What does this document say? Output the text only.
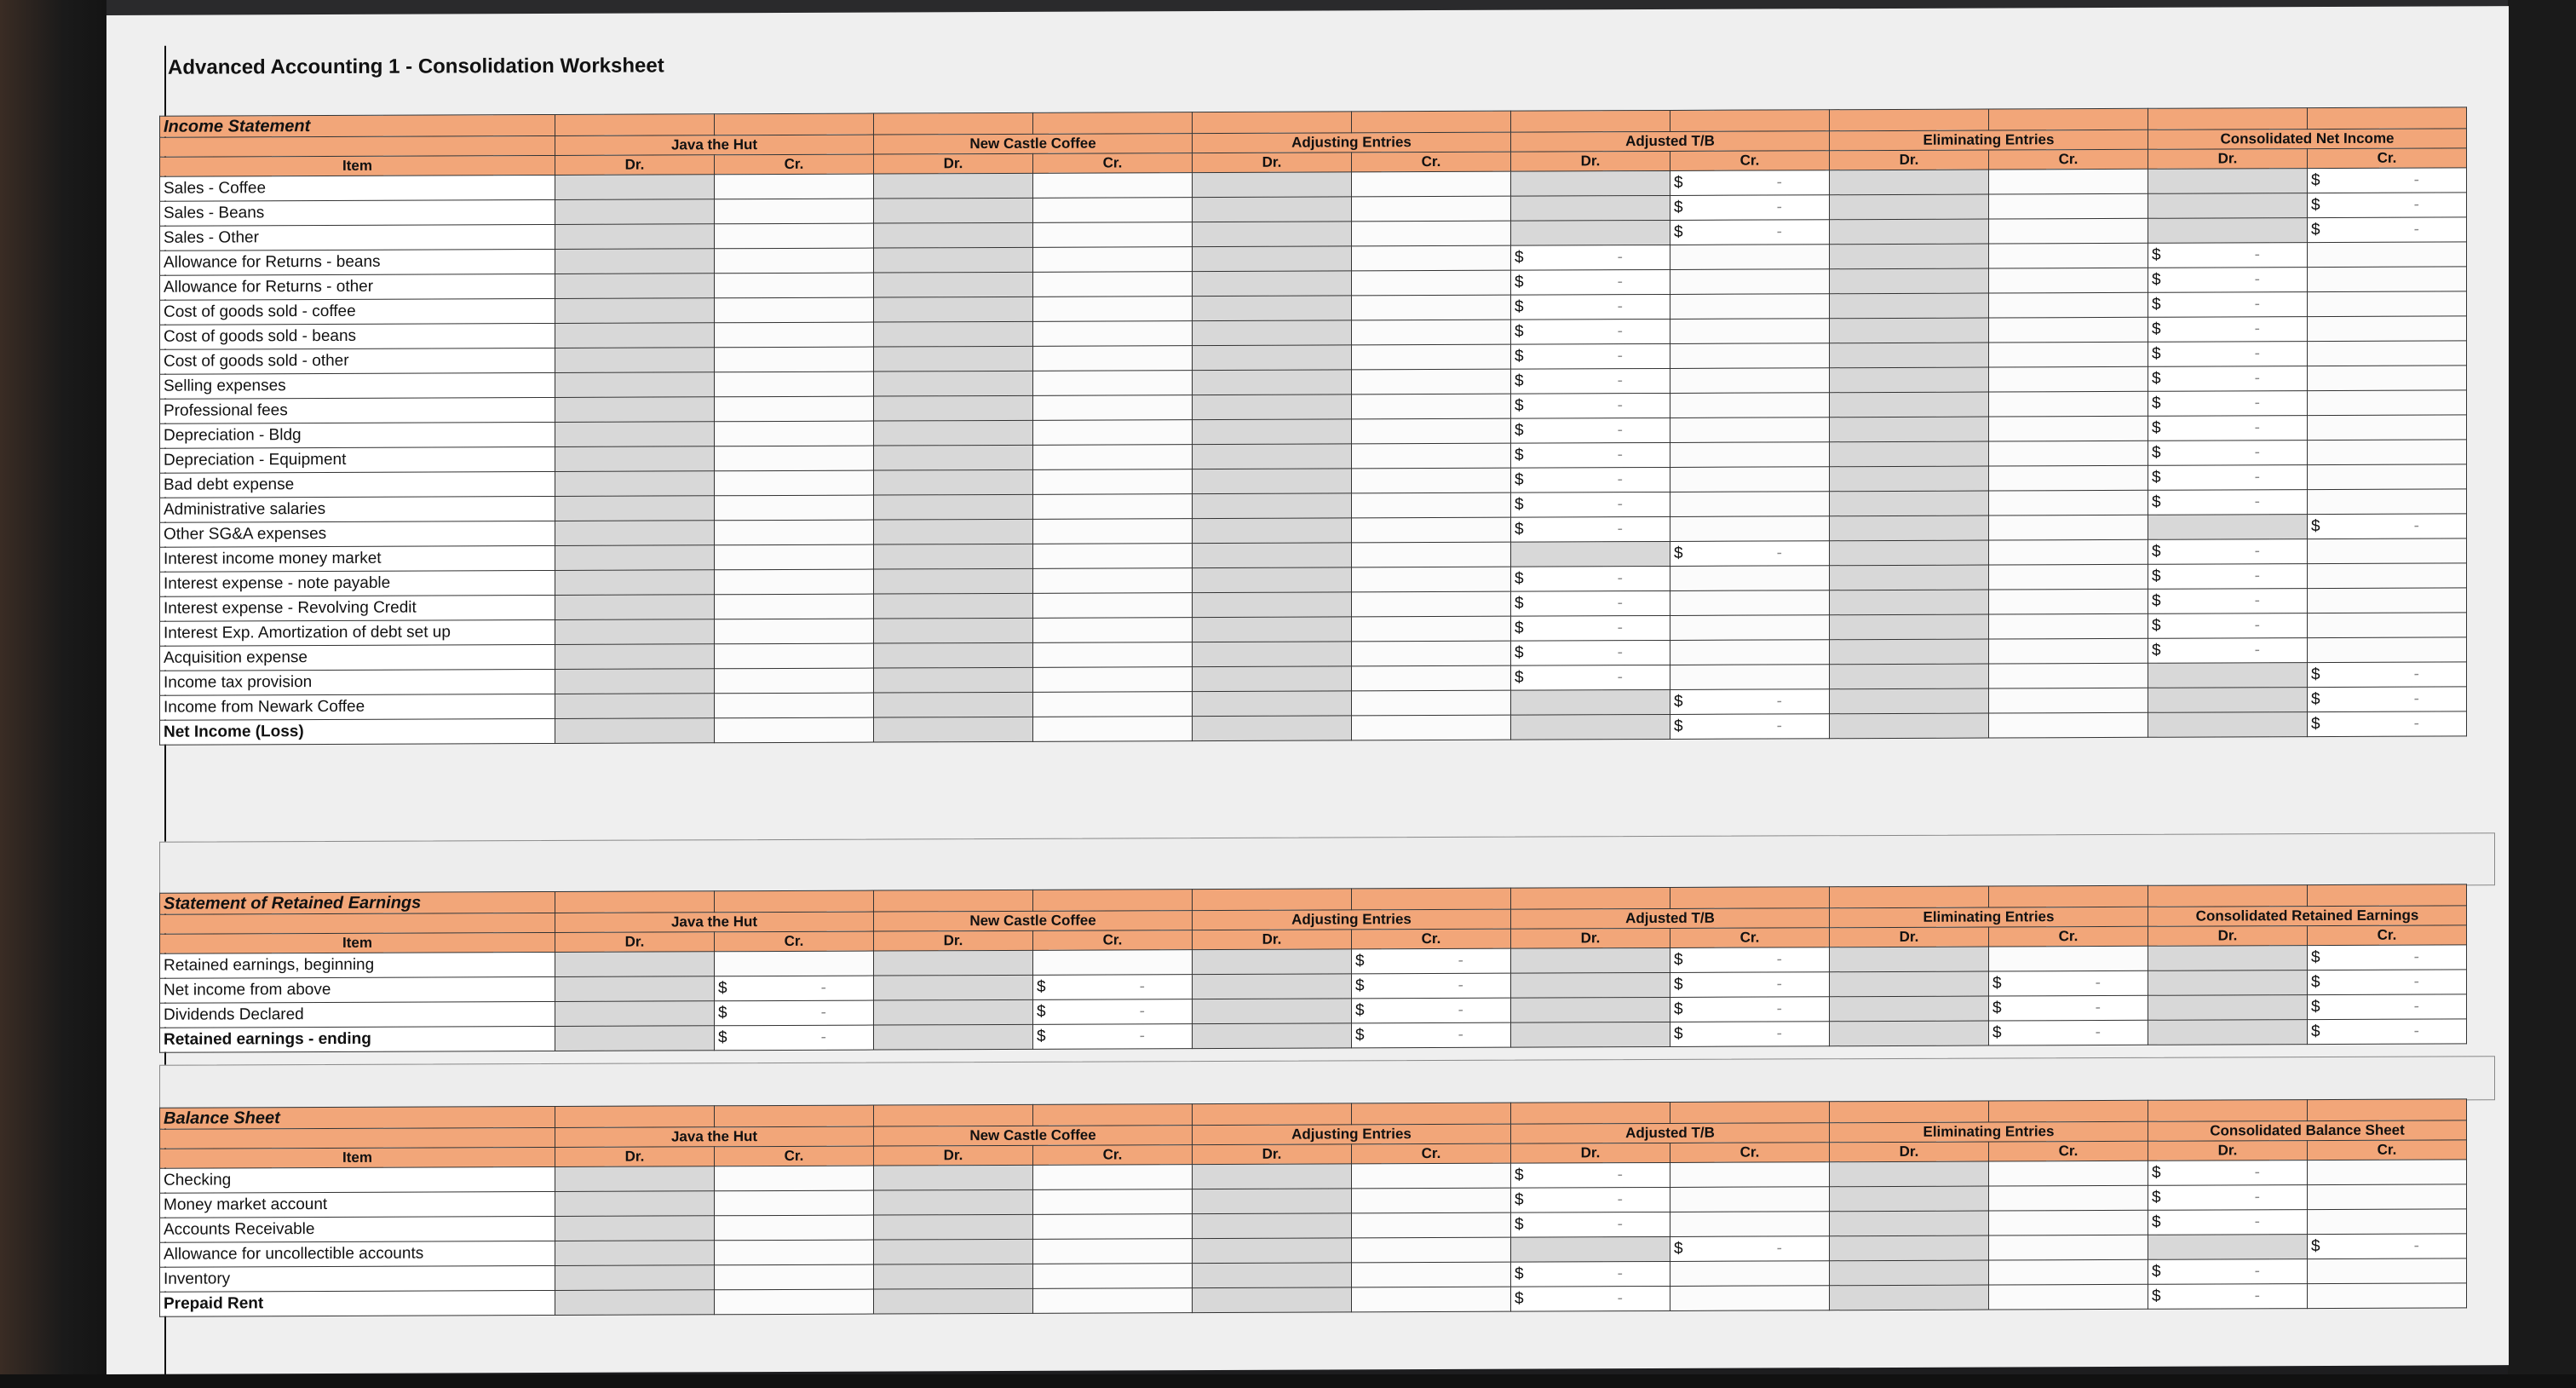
Advanced Accounting 1 - Consolidation Worksheet
Income Statement												
	Java the Hut		New Castle Coffee		Adjusting Entries		Adjusted T/B		Eliminating Entries		Consolidated Net Income	
Item	Dr.	Cr.	Dr.	Cr.	Dr.	Cr.	Dr.	Cr.	Dr.	Cr.	Dr.	Cr.
Sales - Coffee								$ -				$ -
Sales - Beans								$ -				$ -
Sales - Other								$ -				$ -
Allowance for Returns - beans							$ -				$ -	
Allowance for Returns - other							$ -				$ -	
Cost of goods sold - coffee							$ -				$ -	
Cost of goods sold - beans							$ -				$ -	
Cost of goods sold - other							$ -				$ -	
Selling expenses							$ -				$ -	
Professional fees							$ -				$ -	
Depreciation - Bldg							$ -				$ -	
Depreciation - Equipment							$ -				$ -	
Bad debt expense							$ -				$ -	
Administrative salaries							$ -				$ -	
Other SG&A expenses							$ -					$ -
Interest income money market								$ -			$ -	
Interest expense - note payable							$ -				$ -	
Interest expense - Revolving Credit							$ -				$ -	
Interest Exp. Amortization of debt set up							$ -				$ -	
Acquisition expense							$ -				$ -	
Income tax provision							$ -					$ -
Income from Newark Coffee								$ -				$ -
Net Income (Loss)								$ -				$ -
Statement of Retained Earnings												
	Java the Hut		New Castle Coffee		Adjusting Entries		Adjusted T/B		Eliminating Entries		Consolidated Retained Earnings	
Item	Dr.	Cr.	Dr.	Cr.	Dr.	Cr.	Dr.	Cr.	Dr.	Cr.	Dr.	Cr.
Retained earnings, beginning						$ -		$ -				$ -
Net income from above		$ -		$ -		$ -		$ -		$ -		$ -
Dividends Declared		$ -		$ -		$ -		$ -		$ -		$ -
Retained earnings - ending		$ -		$ -		$ -		$ -		$ -		$ -
Balance Sheet												
	Java the Hut		New Castle Coffee		Adjusting Entries		Adjusted T/B		Eliminating Entries		Consolidated Balance Sheet	
Item	Dr.	Cr.	Dr.	Cr.	Dr.	Cr.	Dr.	Cr.	Dr.	Cr.	Dr.	Cr.
Checking							$ -				$ -	
Money market account							$ -				$ -	
Accounts Receivable							$ -				$ -	
Allowance for uncollectible accounts								$ -				$ -
Inventory							$ -				$ -	
Prepaid Rent							$ -				$ -	
